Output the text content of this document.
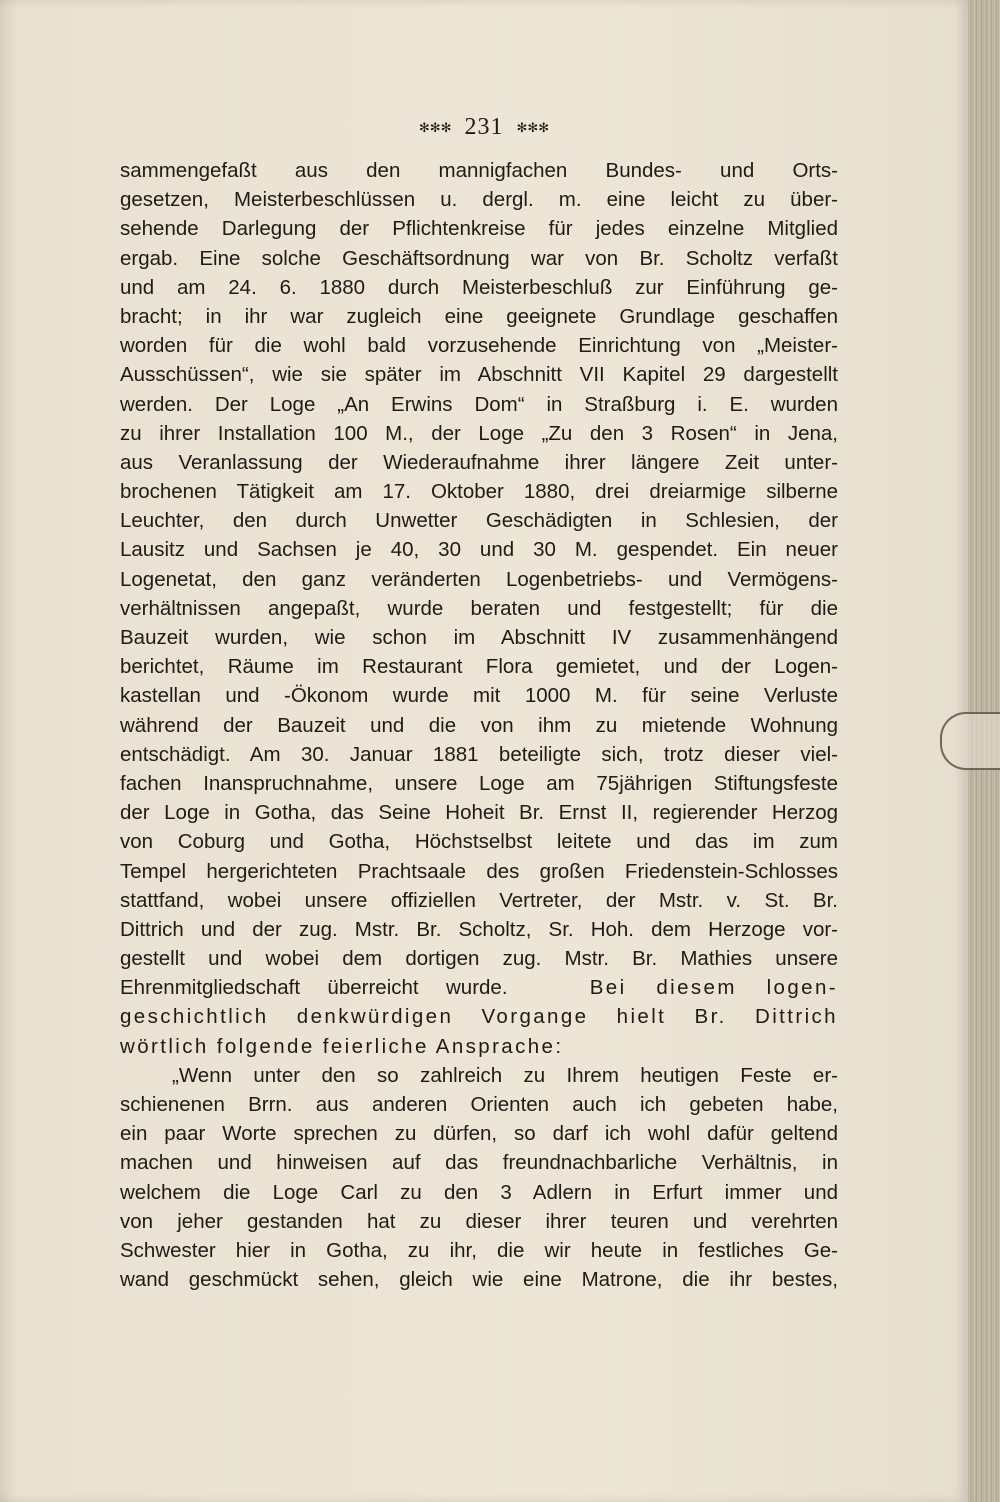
✻✻✻ 231 ✻✻✻
sammengefaßt aus den mannigfachen Bundes- und Orts-
gesetzen, Meisterbeschlüssen u. dergl. m. eine leicht zu über-
sehende Darlegung der Pflichtenkreise für jedes einzelne Mitglied
ergab. Eine solche Geschäftsordnung war von Br. Scholtz verfaßt
und am 24. 6. 1880 durch Meisterbeschluß zur Einführung ge-
bracht; in ihr war zugleich eine geeignete Grundlage geschaffen
worden für die wohl bald vorzusehende Einrichtung von „Meister-
Ausschüssen“, wie sie später im Abschnitt VII Kapitel 29 dargestellt
werden. Der Loge „An Erwins Dom“ in Straßburg i. E. wurden
zu ihrer Installation 100 M., der Loge „Zu den 3 Rosen“ in Jena,
aus Veranlassung der Wiederaufnahme ihrer längere Zeit unter-
brochenen Tätigkeit am 17. Oktober 1880, drei dreiarmige silberne
Leuchter, den durch Unwetter Geschädigten in Schlesien, der
Lausitz und Sachsen je 40, 30 und 30 M. gespendet. Ein neuer
Logenetat, den ganz veränderten Logenbetriebs- und Vermögens-
verhältnissen angepaßt, wurde beraten und festgestellt; für die
Bauzeit wurden, wie schon im Abschnitt IV zusammenhängend
berichtet, Räume im Restaurant Flora gemietet, und der Logen-
kastellan und -Ökonom wurde mit 1000 M. für seine Verluste
während der Bauzeit und die von ihm zu mietende Wohnung
entschädigt. Am 30. Januar 1881 beteiligte sich, trotz dieser viel-
fachen Inanspruchnahme, unsere Loge am 75jährigen Stiftungsfeste
der Loge in Gotha, das Seine Hoheit Br. Ernst II, regierender Herzog
von Coburg und Gotha, Höchstselbst leitete und das im zum
Tempel hergerichteten Prachtsaale des großen Friedenstein-Schlosses
stattfand, wobei unsere offiziellen Vertreter, der Mstr. v. St. Br.
Dittrich und der zug. Mstr. Br. Scholtz, Sr. Hoh. dem Herzoge vor-
gestellt und wobei dem dortigen zug. Mstr. Br. Mathies unsere
Ehrenmitgliedschaft überreicht wurde.	Bei diesem logen-
geschichtlich denkwürdigen Vorgange hielt Br. Dittrich
wörtlich folgende feierliche Ansprache:
„Wenn unter den so zahlreich zu Ihrem heutigen Feste er-
schienenen Brrn. aus anderen Orienten auch ich gebeten habe,
ein paar Worte sprechen zu dürfen, so darf ich wohl dafür geltend
machen und hinweisen auf das freundnachbarliche Verhältnis, in
welchem die Loge Carl zu den 3 Adlern in Erfurt immer und
von jeher gestanden hat zu dieser ihrer teuren und verehrten
Schwester hier in Gotha, zu ihr, die wir heute in festliches Ge-
wand geschmückt sehen, gleich wie eine Matrone, die ihr bestes,
